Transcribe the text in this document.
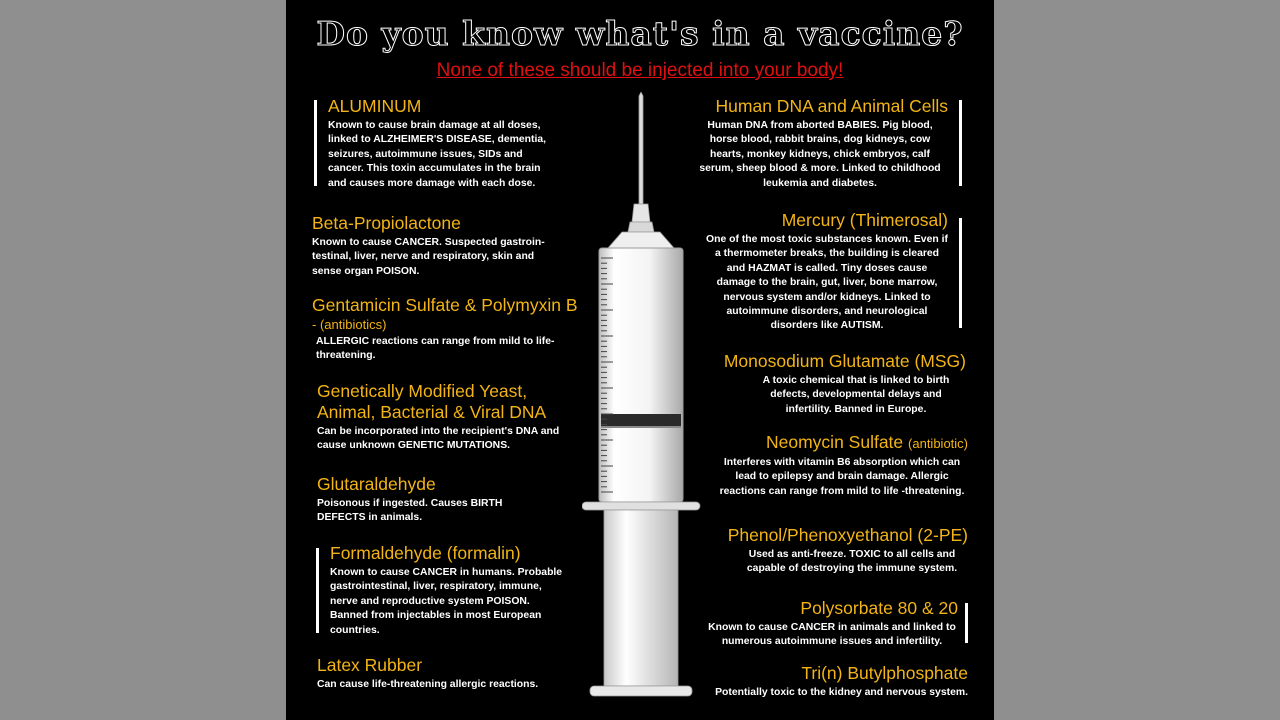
Do you know what's in a vaccine?
None of these should be injected into your body!
ALUMINUM

Known to cause brain damage at all doses, linked to ALZHEIMER'S DISEASE, dementia, seizures, autoimmune issues, SIDs and cancer. This toxin accumulates in the brain and causes more damage with each dose.

Beta-Propiolactone

Known to cause CANCER. Suspected gastroin-testinal, liver, nerve and respiratory, skin and sense organ POISON.

Gentamicin Sulfate & Polymyxin B
- (antibiotics)

ALLERGIC reactions can range from mild to life-threatening.

Genetically Modified Yeast, Animal, Bacterial & Viral DNA

Can be incorporated into the recipient's DNA and cause unknown GENETIC MUTATIONS.

Glutaraldehyde

Poisonous if ingested. Causes BIRTH DEFECTS in animals.

Formaldehyde (formalin)

Known to cause CANCER in humans. Probable gastrointestinal, liver, respiratory, immune, nerve and reproductive system POISON. Banned from injectables in most European countries.

Latex Rubber

Can cause life-threatening allergic reactions.

Human DNA and Animal Cells

Human DNA from aborted BABIES. Pig blood, horse blood, rabbit brains, dog kidneys, cow hearts, monkey kidneys, chick embryos, calf serum, sheep blood & more. Linked to childhood leukemia and diabetes.

Mercury (Thimerosal)

One of the most toxic substances known. Even if a thermometer breaks, the building is cleared and HAZMAT is called. Tiny doses cause damage to the brain, gut, liver, bone marrow, nervous system and/or kidneys. Linked to autoimmune disorders, and neurological disorders like AUTISM.

Monosodium Glutamate (MSG)

A toxic chemical that is linked to birth defects, developmental delays and infertility. Banned in Europe.

Neomycin Sulfate (antibiotic)

Interferes with vitamin B6 absorption which can lead to epilepsy and brain damage. Allergic reactions can range from mild to life -threatening.

Phenol/Phenoxyethanol (2-PE)

Used as anti-freeze. TOXIC to all cells and capable of destroying the immune system.

Polysorbate 80 & 20

Known to cause CANCER in animals and linked to numerous autoimmune issues and infertility.

Tri(n) Butylphosphate

Potentially toxic to the kidney and nervous system.
